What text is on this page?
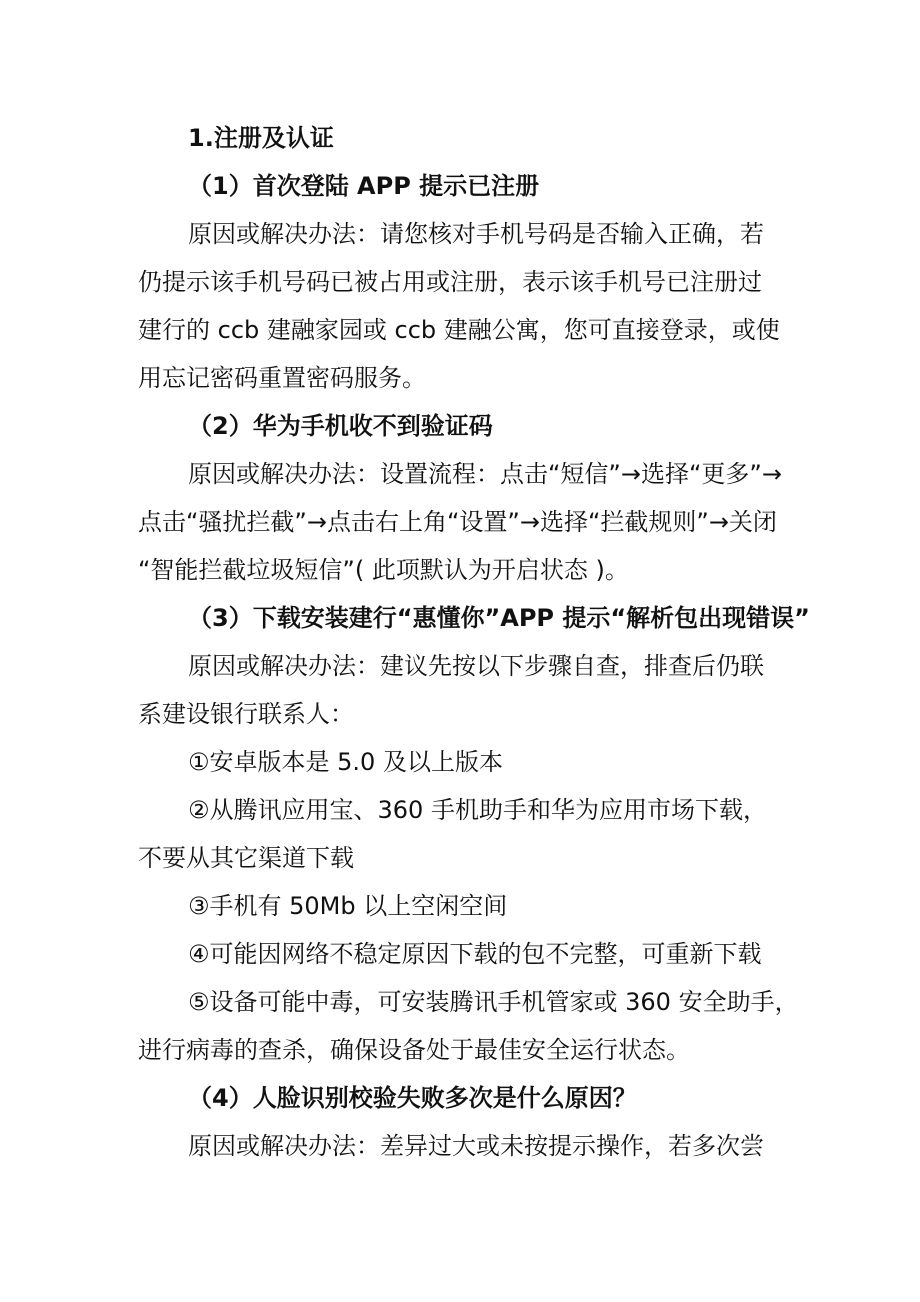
1.注册及认证

（1）首次登陆 APP 提示已注册

原因或解决办法：请您核对手机号码是否输入正确，若

仍提示该手机号码已被占用或注册，表示该手机号已注册过

建行的 ccb 建融家园或 ccb 建融公寓，您可直接登录，或使

用忘记密码重置密码服务。

（2）华为手机收不到验证码

原因或解决办法：设置流程：点击“短信”→选择“更多”→

点击“骚扰拦截”→点击右上角“设置”→选择“拦截规则”→关闭

“智能拦截垃圾短信”( 此项默认为开启状态 )。

（3）下载安装建行“惠懂你”APP 提示“解析包出现错误”

原因或解决办法：建议先按以下步骤自查，排查后仍联

系建设银行联系人：

①安卓版本是 5.0 及以上版本

②从腾讯应用宝、360 手机助手和华为应用市场下载，

不要从其它渠道下载

③手机有 50Mb 以上空闲空间

④可能因网络不稳定原因下载的包不完整，可重新下载

⑤设备可能中毒，可安装腾讯手机管家或 360 安全助手，

进行病毒的查杀，确保设备处于最佳安全运行状态。

（4）人脸识别校验失败多次是什么原因？

原因或解决办法：差异过大或未按提示操作，若多次尝
